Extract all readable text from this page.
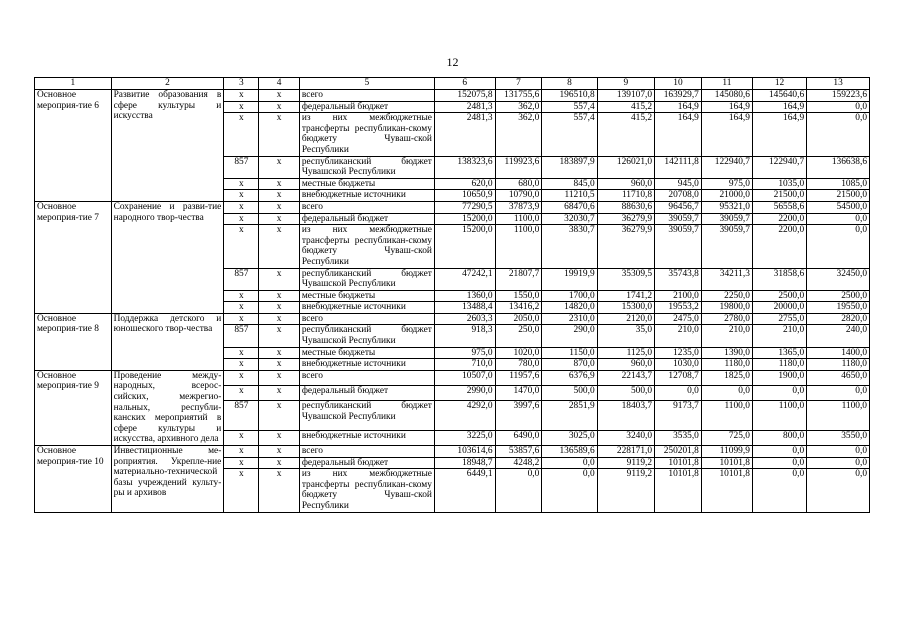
12
1	2	3	4	5	6	7	8	9	10	11	12	13
Основное мероприя-тие 6	Развитие образования в сфере культуры и искусства	х	х	всего	152075,8	131755,6	196510,8	139107,0	163929,7	145080,6	145640,6	159223,6
		х	х	федеральный бюджет	2481,3	362,0	557,4	415,2	164,9	164,9	164,9	0,0
		х	х	из них межбюджетные трансферты республикан-скому бюджету Чуваш-ской Республики	2481,3	362,0	557,4	415,2	164,9	164,9	164,9	0,0
		857	х	республиканский бюджет Чувашской Республики	138323,6	119923,6	183897,9	126021,0	142111,8	122940,7	122940,7	136638,6
		х	х	местные бюджеты	620,0	680,0	845,0	960,0	945,0	975,0	1035,0	1085,0
		х	х	внебюджетные источники	10650,9	10790,0	11210,5	11710,8	20708,0	21000,0	21500,0	21500,0
Основное мероприя-тие 7	Сохранение и разви-тие народного твор-чества	х	х	всего	77290,5	37873,9	68470,6	88630,6	96456,7	95321,0	56558,6	54500,0
		х	х	федеральный бюджет	15200,0	1100,0	32030,7	36279,9	39059,7	39059,7	2200,0	0,0
		х	х	из них межбюджетные трансферты республикан-скому бюджету Чуваш-ской Республики	15200,0	1100,0	3830,7	36279,9	39059,7	39059,7	2200,0	0,0
		857	х	республиканский бюджет Чувашской Республики	47242,1	21807,7	19919,9	35309,5	35743,8	34211,3	31858,6	32450,0
		х	х	местные бюджеты	1360,0	1550,0	1700,0	1741,2	2100,0	2250,0	2500,0	2500,0
		х	х	внебюджетные источники	13488,4	13416,2	14820,0	15300,0	19553,2	19800,0	20000,0	19550,0
Основное мероприя-тие 8	Поддержка детского и юношеского твор-чества	х	х	всего	2603,3	2050,0	2310,0	2120,0	2475,0	2780,0	2755,0	2820,0
		857	х	республиканский бюджет Чувашской Республики	918,3	250,0	290,0	35,0	210,0	210,0	210,0	240,0
		х	х	местные бюджеты	975,0	1020,0	1150,0	1125,0	1235,0	1390,0	1365,0	1400,0
		х	х	внебюджетные источники	710,0	780,0	870,0	960,0	1030,0	1180,0	1180,0	1180,0
Основное мероприя-тие 9	Проведение между-народных, всерос-сийских, межрегио-нальных, республи-канских мероприятий в сфере культуры и искусства, архивного дела	х	х	всего	10507,0	11957,6	6376,9	22143,7	12708,7	1825,0	1900,0	4650,0
		х	х	федеральный бюджет	2990,0	1470,0	500,0	500,0	0,0	0,0	0,0	0,0
		857	х	республиканский бюджет Чувашской Республики	4292,0	3997,6	2851,9	18403,7	9173,7	1100,0	1100,0	1100,0
		х	х	внебюджетные источники	3225,0	6490,0	3025,0	3240,0	3535,0	725,0	800,0	3550,0
Основное мероприя-тие 10	Инвестиционные ме-роприятия. Укрепле-ние материально-технической базы учреждений культу-ры и архивов	х	х	всего	103614,6	53857,6	136589,6	228171,0	250201,8	11099,9	0,0	0,0
		х	х	федеральный бюджет	18948,7	4248,2	0,0	9119,2	10101,8	10101,8	0,0	0,0
		х	х	из них межбюджетные трансферты республикан-скому бюджету Чуваш-ской Республики	6449,1	0,0	0,0	9119,2	10101,8	10101,8	0,0	0,0
